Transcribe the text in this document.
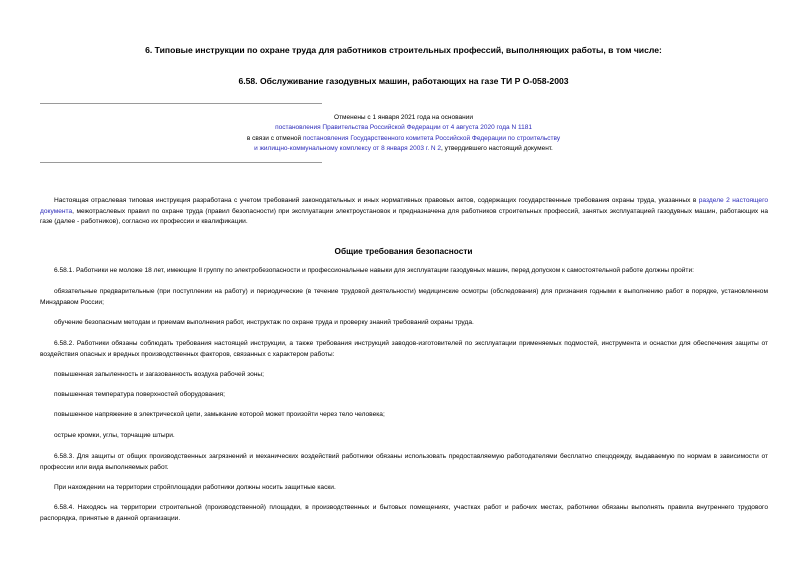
6. Типовые инструкции по охране труда для работников строительных профессий, выполняющих работы, в том числе:
6.58. Обслуживание газодувных машин, работающих на газе ТИ Р О-058-2003
Отменены с 1 января 2021 года на основании
постановления Правительства Российской Федерации от 4 августа 2020 года N 1181
в связи с отменой постановления Государственного комитета Российской Федерации по строительству
и жилищно-коммунальному комплексу от 8 января 2003 г. N 2, утвердившего настоящий документ.
Настоящая отраслевая типовая инструкция разработана с учетом требований законодательных и иных нормативных правовых актов, содержащих государственные требования охраны труда, указанных в разделе 2 настоящего документа, межотраслевых правил по охране труда (правил безопасности) при эксплуатации электроустановок и предназначена для работников строительных профессий, занятых эксплуатацией газодувных машин, работающих на газе (далее - работников), согласно их профессии и квалификации.
Общие требования безопасности
6.58.1. Работники не моложе 18 лет, имеющие II группу по электробезопасности и профессиональные навыки для эксплуатации газодувных машин, перед допуском к самостоятельной работе должны пройти:
обязательные предварительные (при поступлении на работу) и периодические (в течение трудовой деятельности) медицинские осмотры (обследования) для признания годными к выполнению работ в порядке, установленном Минздравом России;
обучение безопасным методам и приемам выполнения работ, инструктаж по охране труда и проверку знаний требований охраны труда.
6.58.2. Работники обязаны соблюдать требования настоящей инструкции, а также требования инструкций заводов-изготовителей по эксплуатации применяемых подмостей, инструмента и оснастки для обеспечения защиты от воздействия опасных и вредных производственных факторов, связанных с характером работы:
повышенная запыленность и загазованность воздуха рабочей зоны;
повышенная температура поверхностей оборудования;
повышенное напряжение в электрической цепи, замыкание которой может произойти через тело человека;
острые кромки, углы, торчащие штыри.
6.58.3. Для защиты от общих производственных загрязнений и механических воздействий работники обязаны использовать предоставляемую работодателями бесплатно спецодежду, выдаваемую по нормам в зависимости от профессии или вида выполняемых работ.
При нахождении на территории стройплощадки работники должны носить защитные каски.
6.58.4. Находясь на территории строительной (производственной) площадки, в производственных и бытовых помещениях, участках работ и рабочих местах, работники обязаны выполнять правила внутреннего трудового распорядка, принятые в данной организации.
